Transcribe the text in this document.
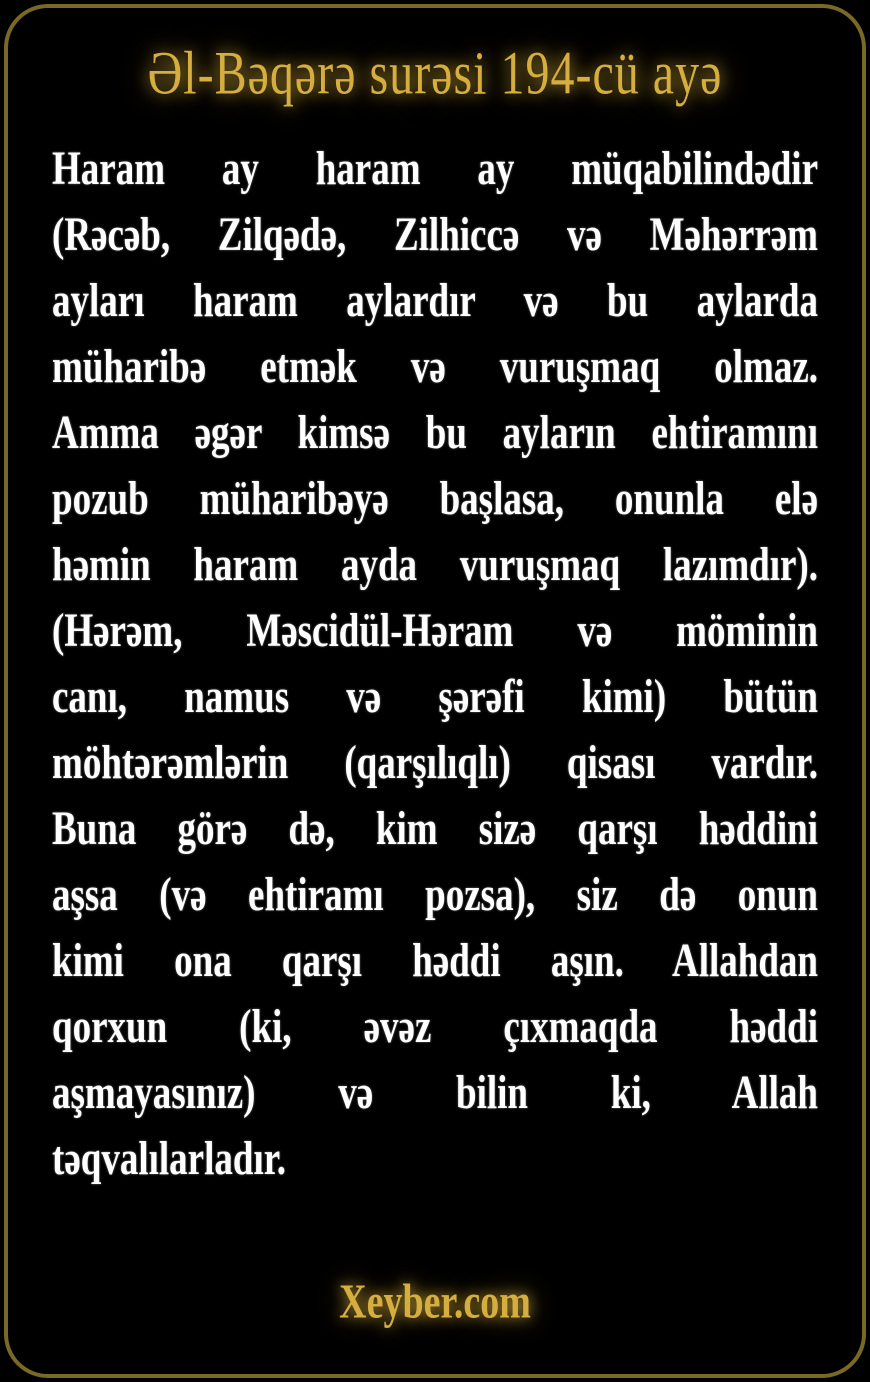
Əl-Bəqərə surəsi 194-cü ayə
Haram ay haram ay müqabilindədir
(Rəcəb, Zilqədə, Zilhiccə və Məhərrəm
ayları haram aylardır və bu aylarda
müharibə etmək və vuruşmaq olmaz.
Amma əgər kimsə bu ayların ehtiramını
pozub müharibəyə başlasa, onunla elə
həmin haram ayda vuruşmaq lazımdır).
(Hərəm, Məscidül-Həram və möminin
canı, namus və şərəfi kimi) bütün
möhtərəmlərin (qarşılıqlı) qisası vardır.
Buna görə də, kim sizə qarşı həddini
aşsa (və ehtiramı pozsa), siz də onun
kimi ona qarşı həddi aşın. Allahdan
qorxun (ki, əvəz çıxmaqda həddi
aşmayasınız) və bilin ki, Allah
təqvalılarladır.
Xeyber.com
